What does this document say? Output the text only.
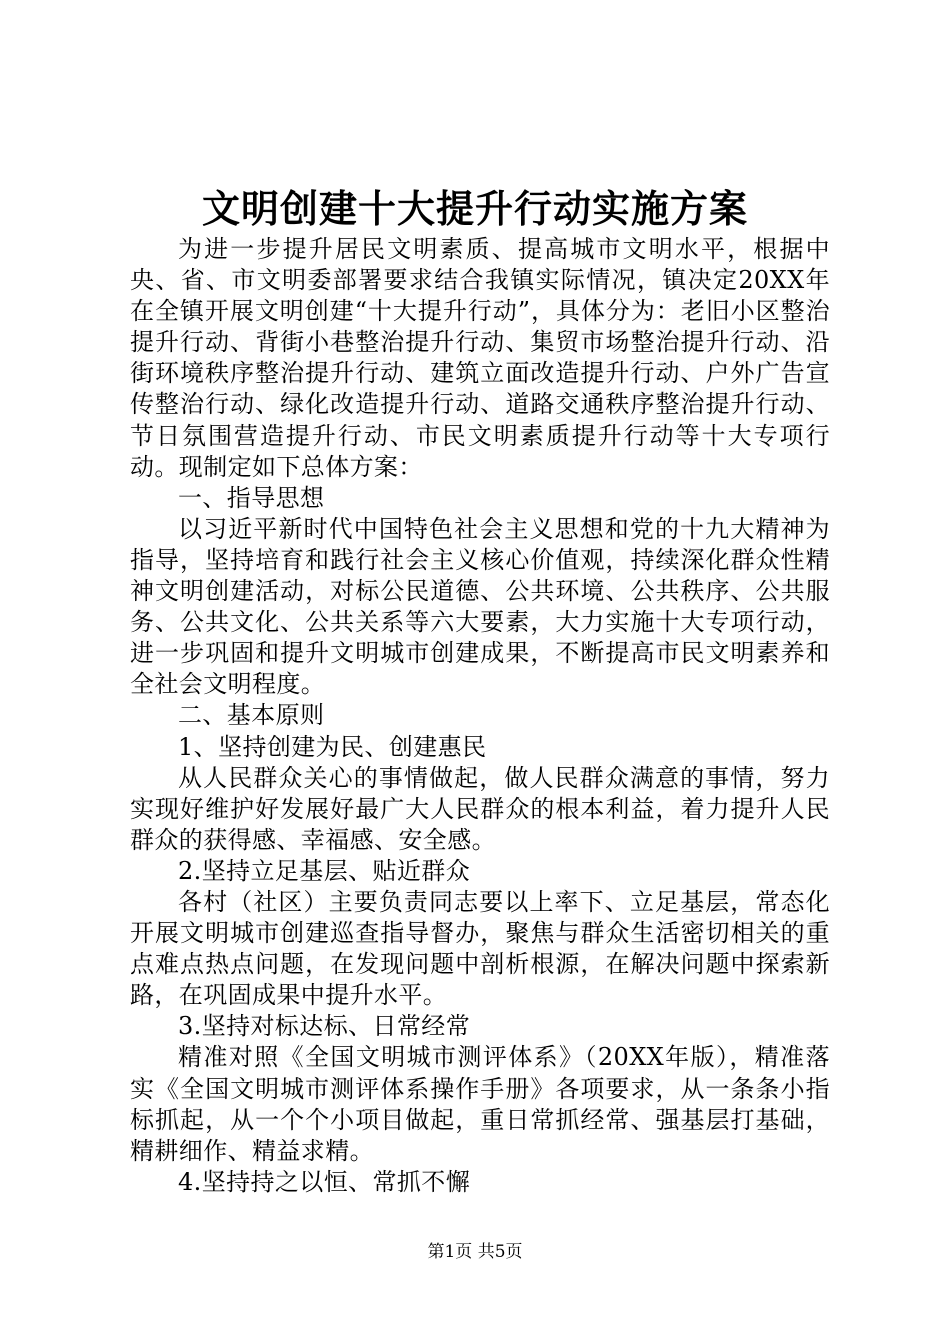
文明创建十大提升行动实施方案

为进一步提升居民文明素质、提高城市文明水平，根据中央、省、市文明委部署要求结合我镇实际情况，镇决定20XX年在全镇开展文明创建“十大提升行动”，具体分为：老旧小区整治提升行动、背街小巷整治提升行动、集贸市场整治提升行动、沿街环境秩序整治提升行动、建筑立面改造提升行动、户外广告宣传整治行动、绿化改造提升行动、道路交通秩序整治提升行动、节日氛围营造提升行动、市民文明素质提升行动等十大专项行动。现制定如下总体方案：

一、指导思想

以习近平新时代中国特色社会主义思想和党的十九大精神为指导，坚持培育和践行社会主义核心价值观，持续深化群众性精神文明创建活动，对标公民道德、公共环境、公共秩序、公共服务、公共文化、公共关系等六大要素，大力实施十大专项行动，进一步巩固和提升文明城市创建成果，不断提高市民文明素养和全社会文明程度。

二、基本原则

1、坚持创建为民、创建惠民

从人民群众关心的事情做起，做人民群众满意的事情，努力实现好维护好发展好最广大人民群众的根本利益，着力提升人民群众的获得感、幸福感、安全感。

2.坚持立足基层、贴近群众

各村（社区）主要负责同志要以上率下、立足基层，常态化开展文明城市创建巡查指导督办，聚焦与群众生活密切相关的重点难点热点问题，在发现问题中剖析根源，在解决问题中探索新路，在巩固成果中提升水平。

3.坚持对标达标、日常经常

精准对照《全国文明城市测评体系》（20XX年版），精准落实《全国文明城市测评体系操作手册》各项要求，从一条条小指标抓起，从一个个小项目做起，重日常抓经常、强基层打基础，精耕细作、精益求精。

4.坚持持之以恒、常抓不懈

第1页 共5页
